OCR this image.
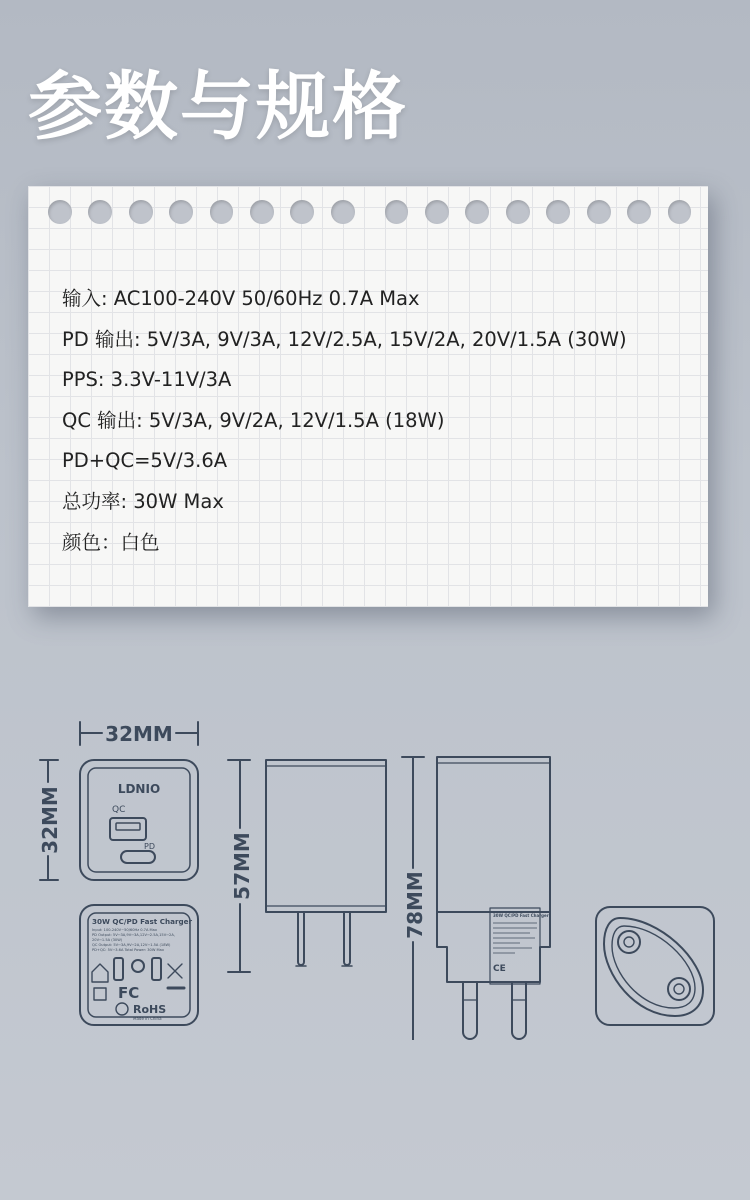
参数与规格
输入: AC100-240V 50/60Hz 0.7A Max
PD 输出: 5V/3A, 9V/3A, 12V/2.5A, 15V/2A, 20V/1.5A (30W)
PPS: 3.3V-11V/3A
QC 输出: 5V/3A, 9V/2A, 12V/1.5A (18W)
PD+QC=5V/3.6A
总功率: 30W Max
颜色：白色
32MM
32MM
57MM
78MM
LDNIO
QC
PD
30W QC/PD Fast Charger
Input: 100-240V~50/60Hz 0.7A Max
PD Output: 5V⎓3A,9V⎓3A,12V⎓2.5A,15V⎓2A,
20V⎓1.5A (30W)
QC Output: 5V⎓3A,9V⎓2A,12V⎓1.5A (18W)
PD+QC: 5V⎓3.6A Total Power: 30W Max
FC
RoHS
Made in China
30W QC/PD Fast Charger
CE
